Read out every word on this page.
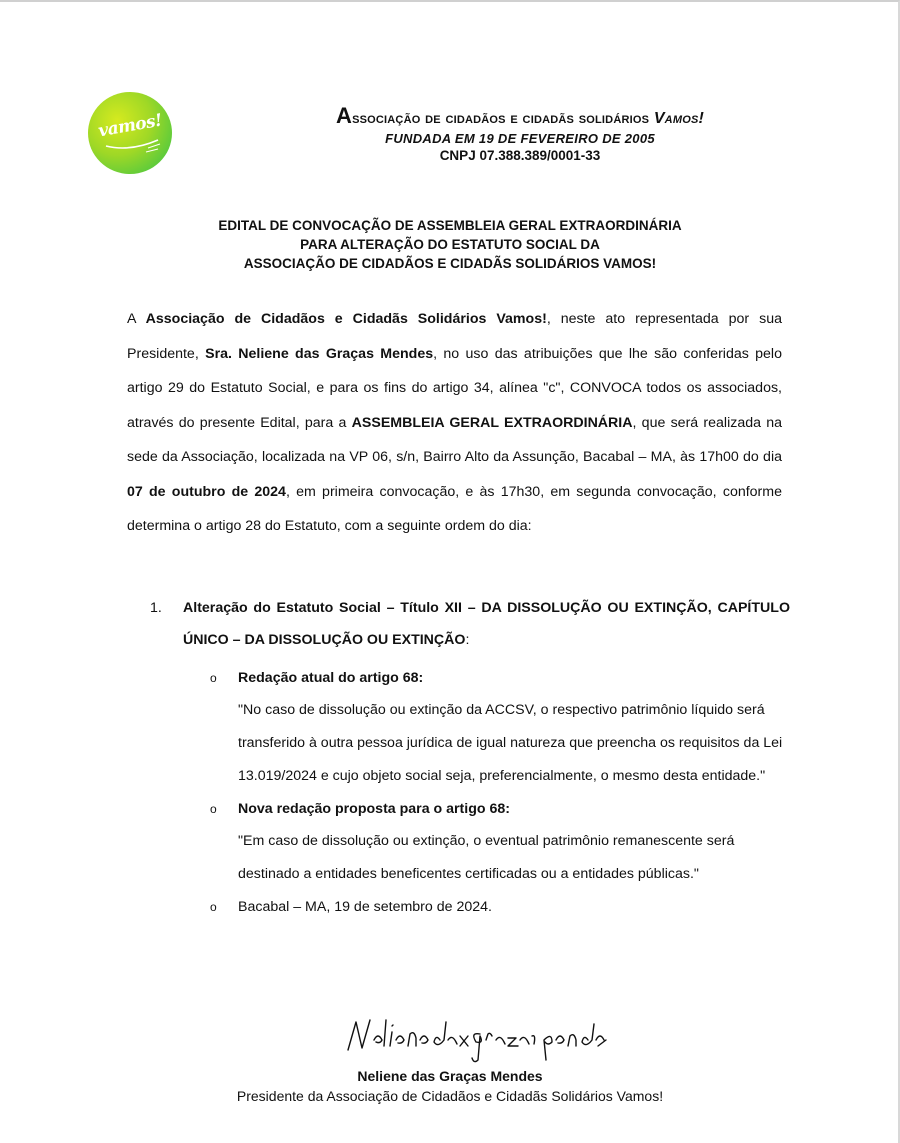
vamos!	Associação de cidadãos e cidadãs solidários Vamos!
FUNDADA EM 19 DE FEVEREIRO DE 2005
CNPJ 07.388.389/0001-33
EDITAL DE CONVOCAÇÃO DE ASSEMBLEIA GERAL EXTRAORDINÁRIA
PARA ALTERAÇÃO DO ESTATUTO SOCIAL DA
ASSOCIAÇÃO DE CIDADÃOS E CIDADÃS SOLIDÁRIOS VAMOS!
A Associação de Cidadãos e Cidadãs Solidários Vamos!, neste ato representada por sua Presidente, Sra. Neliene das Graças Mendes, no uso das atribuições que lhe são conferidas pelo artigo 29 do Estatuto Social, e para os fins do artigo 34, alínea "c", CONVOCA todos os associados, através do presente Edital, para a ASSEMBLEIA GERAL EXTRAORDINÁRIA, que será realizada na sede da Associação, localizada na VP 06, s/n, Bairro Alto da Assunção, Bacabal – MA, às 17h00 do dia 07 de outubro de 2024, em primeira convocação, e às 17h30, em segunda convocação, conforme determina o artigo 28 do Estatuto, com a seguinte ordem do dia:
1. Alteração do Estatuto Social – Título XII – DA DISSOLUÇÃO OU EXTINÇÃO, CAPÍTULO ÚNICO – DA DISSOLUÇÃO OU EXTINÇÃO:
o Redação atual do artigo 68:
"No caso de dissolução ou extinção da ACCSV, o respectivo patrimônio líquido será transferido à outra pessoa jurídica de igual natureza que preencha os requisitos da Lei 13.019/2024 e cujo objeto social seja, preferencialmente, o mesmo desta entidade."
o Nova redação proposta para o artigo 68:
"Em caso de dissolução ou extinção, o eventual patrimônio remanescente será destinado a entidades beneficentes certificadas ou a entidades públicas."
o Bacabal – MA, 19 de setembro de 2024.
Neliene das Graças Mendes
Presidente da Associação de Cidadãos e Cidadãs Solidários Vamos!
